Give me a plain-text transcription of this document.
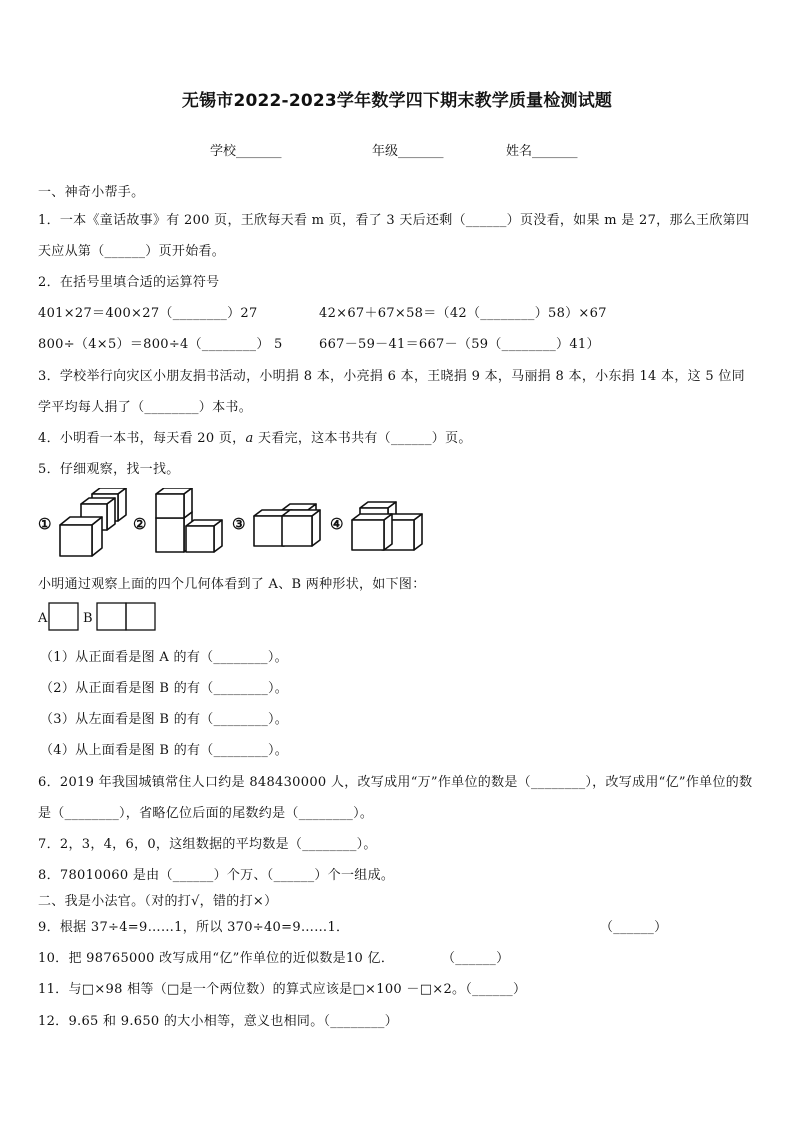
无锡市2022-2023学年数学四下期末教学质量检测试题
学校_______	年级_______	姓名_______
一、神奇小帮手。
1．一本《童话故事》有 200 页，王欣每天看 m 页，看了 3 天后还剩（______）页没看，如果 m 是 27，那么王欣第四
天应从第（______）页开始看。
2．在括号里填合适的运算符号
401×27＝400×27（________）27	42×67＋67×58＝（42（________）58）×67
800÷（4×5）＝800÷4（________） 5	667－59－41＝667－（59（________）41）
3．学校举行向灾区小朋友捐书活动，小明捐 8 本，小亮捐 6 本，王晓捐 9 本，马丽捐 8 本，小东捐 14 本，这 5 位同
学平均每人捐了（________）本书。
4．小明看一本书，每天看 20 页，a 天看完，这本书共有（______）页。
5．仔细观察，找一找。
①	②	③	④
小明通过观察上面的四个几何体看到了 A、B 两种形状，如下图：
A	B
（1）从正面看是图 A 的有（________）。
（2）从正面看是图 B 的有（________）。
（3）从左面看是图 B 的有（________）。
（4）从上面看是图 B 的有（________）。
6．2019 年我国城镇常住人口约是 848430000 人，改写成用“万”作单位的数是（________），改写成用“亿”作单位的数
是（________），省略亿位后面的尾数约是（________）。
7．2，3，4，6，0，这组数据的平均数是（________）。
8．78010060 是由（______）个万、（______）个一组成。
二、我是小法官。（对的打√，错的打×）
9．根据 37÷4=9……1，所以 370÷40=9……1．	（______）
10．把 98765000 改写成用“亿”作单位的近似数是10 亿．	（______）
11．与□×98 相等（□是一个两位数）的算式应该是□×100 －□×2。（______）
12．9.65 和 9.650 的大小相等，意义也相同。（________）
